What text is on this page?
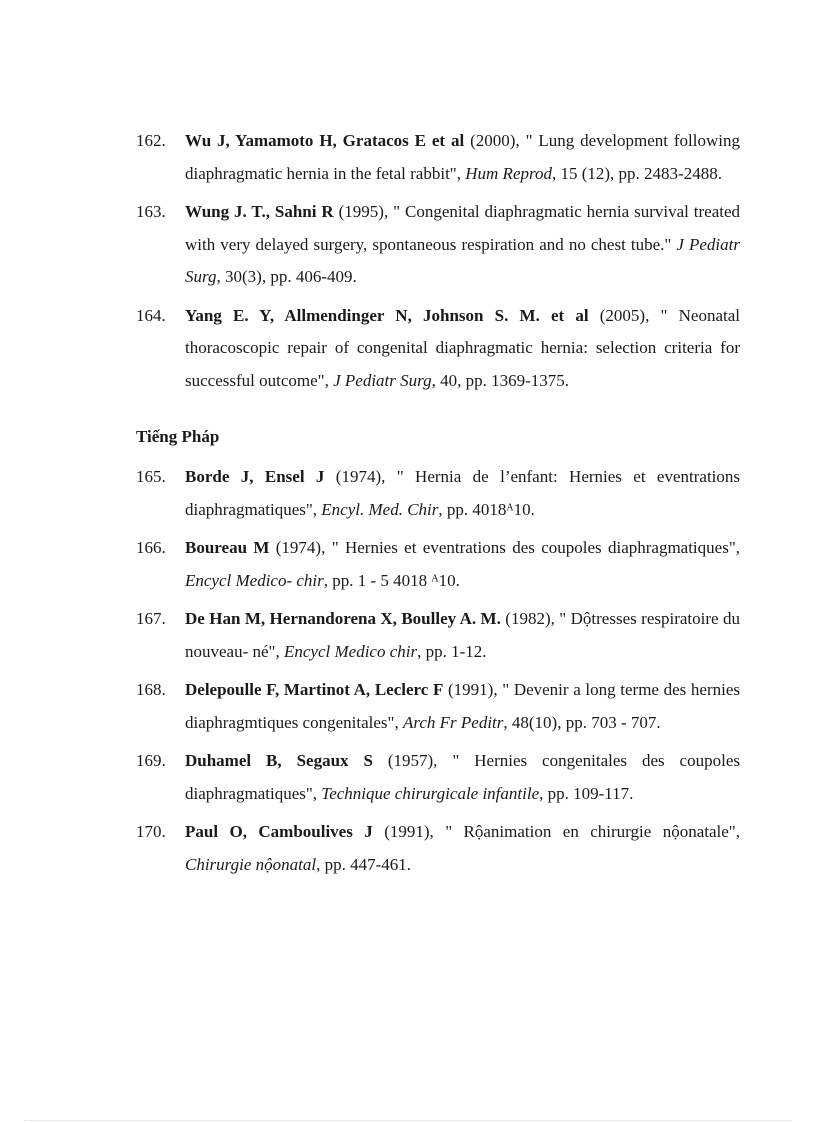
162. Wu J, Yamamoto H, Gratacos E et al (2000), " Lung development following diaphragmatic hernia in the fetal rabbit", Hum Reprod, 15 (12), pp. 2483-2488.
163. Wung J. T., Sahni R (1995), " Congenital diaphragmatic hernia survival treated with very delayed surgery, spontaneous respiration and no chest tube." J Pediatr Surg, 30(3), pp. 406-409.
164. Yang E. Y, Allmendinger N, Johnson S. M. et al (2005), " Neonatal thoracoscopic repair of congenital diaphragmatic hernia: selection criteria for successful outcome", J Pediatr Surg, 40, pp. 1369-1375.
Tiếng Pháp
165. Borde J, Ensel J (1974), " Hernia de l’enfant: Hernies et eventrations diaphragmatiques", Encyl. Med. Chir, pp. 4018ᴬ10.
166. Boureau M (1974), " Hernies et eventrations des coupoles diaphragmatiques", Encycl Medico- chir, pp. 1 - 5 4018 ᴬ10.
167. De Han M, Hernandorena X, Boulley A. M. (1982), " Dộtresses respiratoire du nouveau- né", Encycl Medico chir, pp. 1-12.
168. Delepoulle F, Martinot A, Leclerc F (1991), " Devenir a long terme des hernies diaphragmtiques congenitales", Arch Fr Peditr, 48(10), pp. 703 - 707.
169. Duhamel B, Segaux S (1957), " Hernies congenitales des coupoles diaphragmatiques", Technique chirurgicale infantile, pp. 109-117.
170. Paul O, Camboulives J (1991), " Rộanimation en chirurgie nộonatale", Chirurgie nộonatal, pp. 447-461.
